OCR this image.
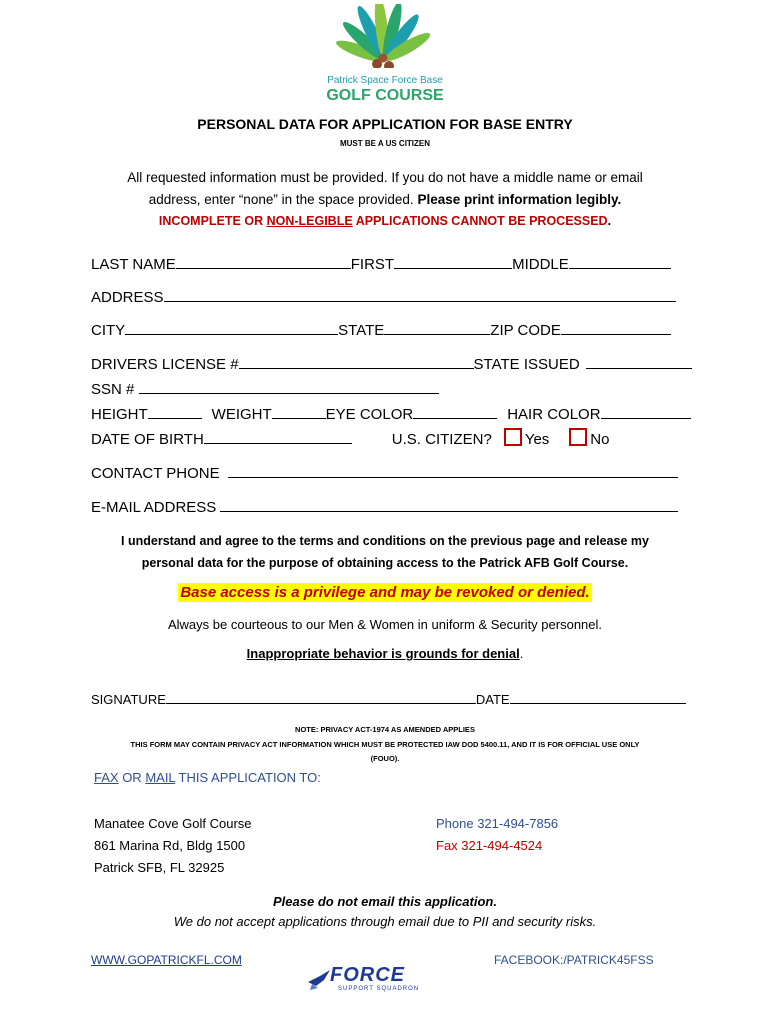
Patrick Space Force Base
GOLF COURSE
PERSONAL DATA FOR APPLICATION FOR BASE ENTRY
MUST BE A US CITIZEN
All requested information must be provided. If you do not have a middle name or email
address, enter “none” in the space provided. Please print information legibly.
INCOMPLETE OR NON-LEGIBLE APPLICATIONS CANNOT BE PROCESSED.
LAST NAME	FIRST	MIDDLE
ADDRESS
CITY	STATE	ZIP CODE
DRIVERS LICENSE #	STATE ISSUED
SSN #
HEIGHT	WEIGHT	EYE COLOR	HAIR COLOR
DATE OF BIRTH	U.S. CITIZEN? Yes	No
CONTACT PHONE
E-MAIL ADDRESS
I understand and agree to the terms and conditions on the previous page and release my
personal data for the purpose of obtaining access to the Patrick AFB Golf Course.
Base access is a privilege and may be revoked or denied.
Always be courteous to our Men & Women in uniform & Security personnel.
Inappropriate behavior is grounds for denial.
SIGNATURE	DATE
NOTE: PRIVACY ACT-1974 AS AMENDED APPLIES
THIS FORM MAY CONTAIN PRIVACY ACT INFORMATION WHICH MUST BE PROTECTED IAW DOD 5400.11, AND IT IS FOR OFFICIAL USE ONLY
(FOUO).
FAX OR MAIL THIS APPLICATION TO:
Manatee Cove Golf Course
861 Marina Rd, Bldg 1500
Patrick SFB, FL 32925
Phone 321-494-7856
Fax 321-494-4524
Please do not email this application.
We do not accept applications through email due to PII and security risks.
WWW.GOPATRICKFL.COM	FACEBOOK:/PATRICK45FSS
FORCE
SUPPORT SQUADRON
